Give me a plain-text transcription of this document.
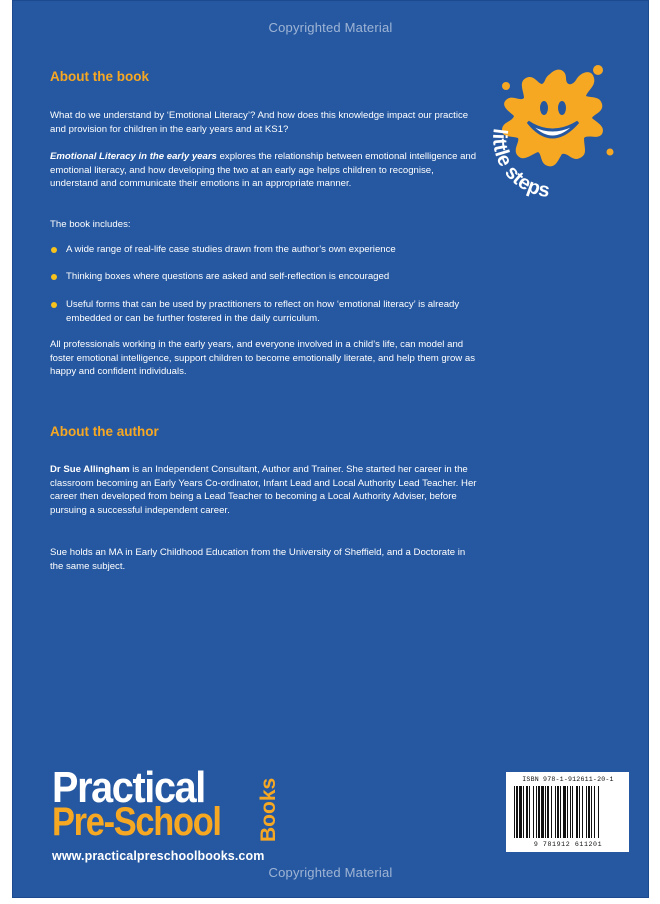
Copyrighted Material
About the book

What do we understand by ‘Emotional Literacy’? And how does this knowledge impact our practice and provision for children in the early years and at KS1?

Emotional Literacy in the early years explores the relationship between emotional intelligence and emotional literacy, and how developing the two at an early age helps children to recognise, understand and communicate their emotions in an appropriate manner.

The book includes:

A wide range of real-life case studies drawn from the author’s own experience
Thinking boxes where questions are asked and self-reflection is encouraged
Useful forms that can be used by practitioners to reflect on how ‘emotional literacy’ is already embedded or can be further fostered in the daily curriculum.

All professionals working in the early years, and everyone involved in a child’s life, can model and foster emotional intelligence, support children to become emotionally literate, and help them grow as happy and confident individuals.

About the author

Dr Sue Allingham is an Independent Consultant, Author and Trainer. She started her career in the classroom becoming an Early Years Co-ordinator, Infant Lead and Local Authority Lead Teacher. Her career then developed from being a Lead Teacher to becoming a Local Authority Adviser, before pursuing a successful independent career.

Sue holds an MA in Early Childhood Education from the University of Sheffield, and a Doctorate in the same subject.

little steps
Practical
Pre-School Books
www.practicalpreschoolbooks.com
ISBN 978-1-912611-20-1
9 781912 611201
Copyrighted Material
